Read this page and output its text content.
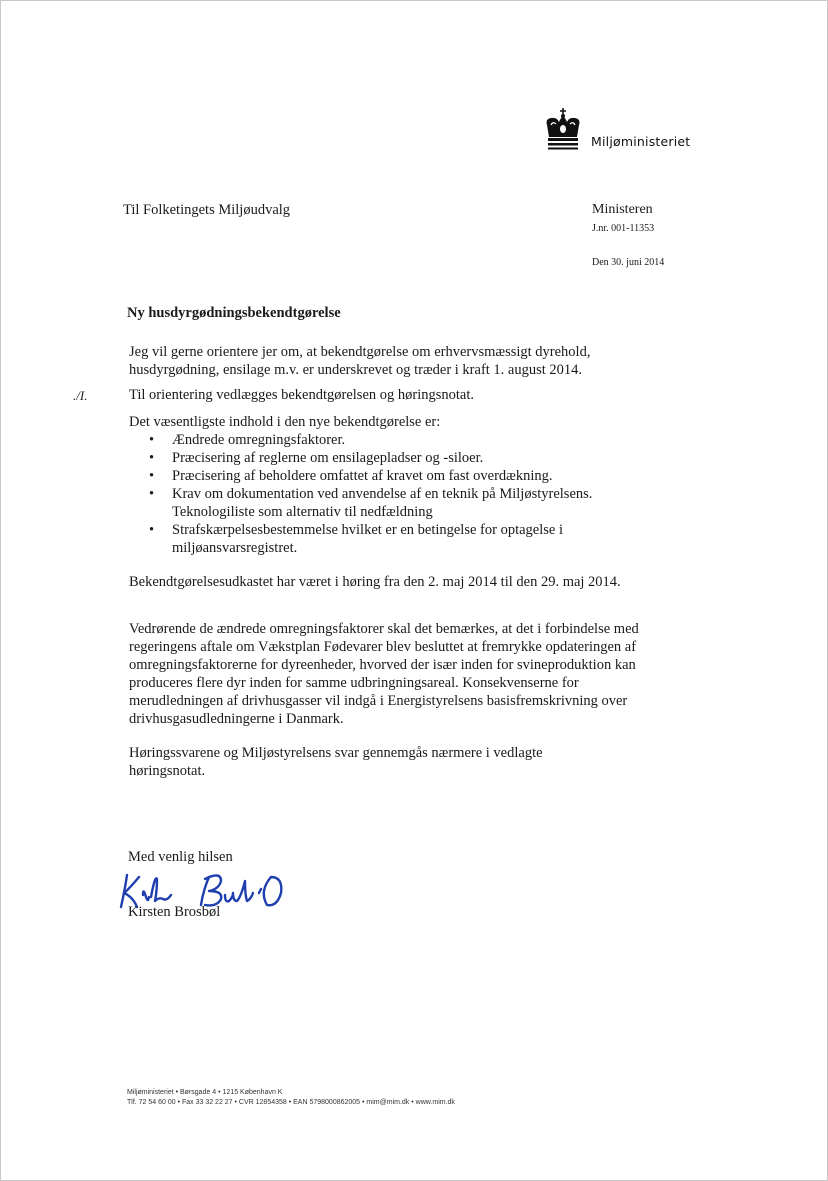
Miljøministeriet
Til Folketingets Miljøudvalg	Ministeren
J.nr. 001-11353
Den 30. juni 2014
Ny husdyrgødningsbekendtgørelse
Jeg vil gerne orientere jer om, at bekendtgørelse om erhvervsmæssigt dyrehold, husdyrgødning, ensilage m.v. er underskrevet og træder i kraft 1. august 2014.
./I.	Til orientering vedlægges bekendtgørelsen og høringsnotat.
Det væsentligste indhold i den nye bekendtgørelse er:
• Ændrede omregningsfaktorer.
• Præcisering af reglerne om ensilagepladser og -siloer.
• Præcisering af beholdere omfattet af kravet om fast overdækning.
• Krav om dokumentation ved anvendelse af en teknik på Miljøstyrelsens. Teknologiliste som alternativ til nedfældning
• Strafskærpelsesbestemmelse hvilket er en betingelse for optagelse i miljøansvarsregistret.
Bekendtgørelsesudkastet har været i høring fra den 2. maj 2014 til den 29. maj 2014.
Vedrørende de ændrede omregningsfaktorer skal det bemærkes, at det i forbindelse med regeringens aftale om Vækstplan Fødevarer blev besluttet at fremrykke opdateringen af omregningsfaktorerne for dyreenheder, hvorved der især inden for svineproduktion kan produceres flere dyr inden for samme udbringningsareal. Konsekvenserne for merudledningen af drivhusgasser vil indgå i Energistyrelsens basisfremskrivning over drivhusgasudledningerne i Danmark.
Høringssvarene og Miljøstyrelsens svar gennemgås nærmere i vedlagte høringsnotat.
Med venlig hilsen
Kirsten Brosbøl
Miljøministeriet • Børsgade 4 • 1215 København K
Tlf. 72 54 60 00 • Fax 33 32 22 27 • CVR 12854358 • EAN 5798000862005 • mim@mim.dk • www.mim.dk
